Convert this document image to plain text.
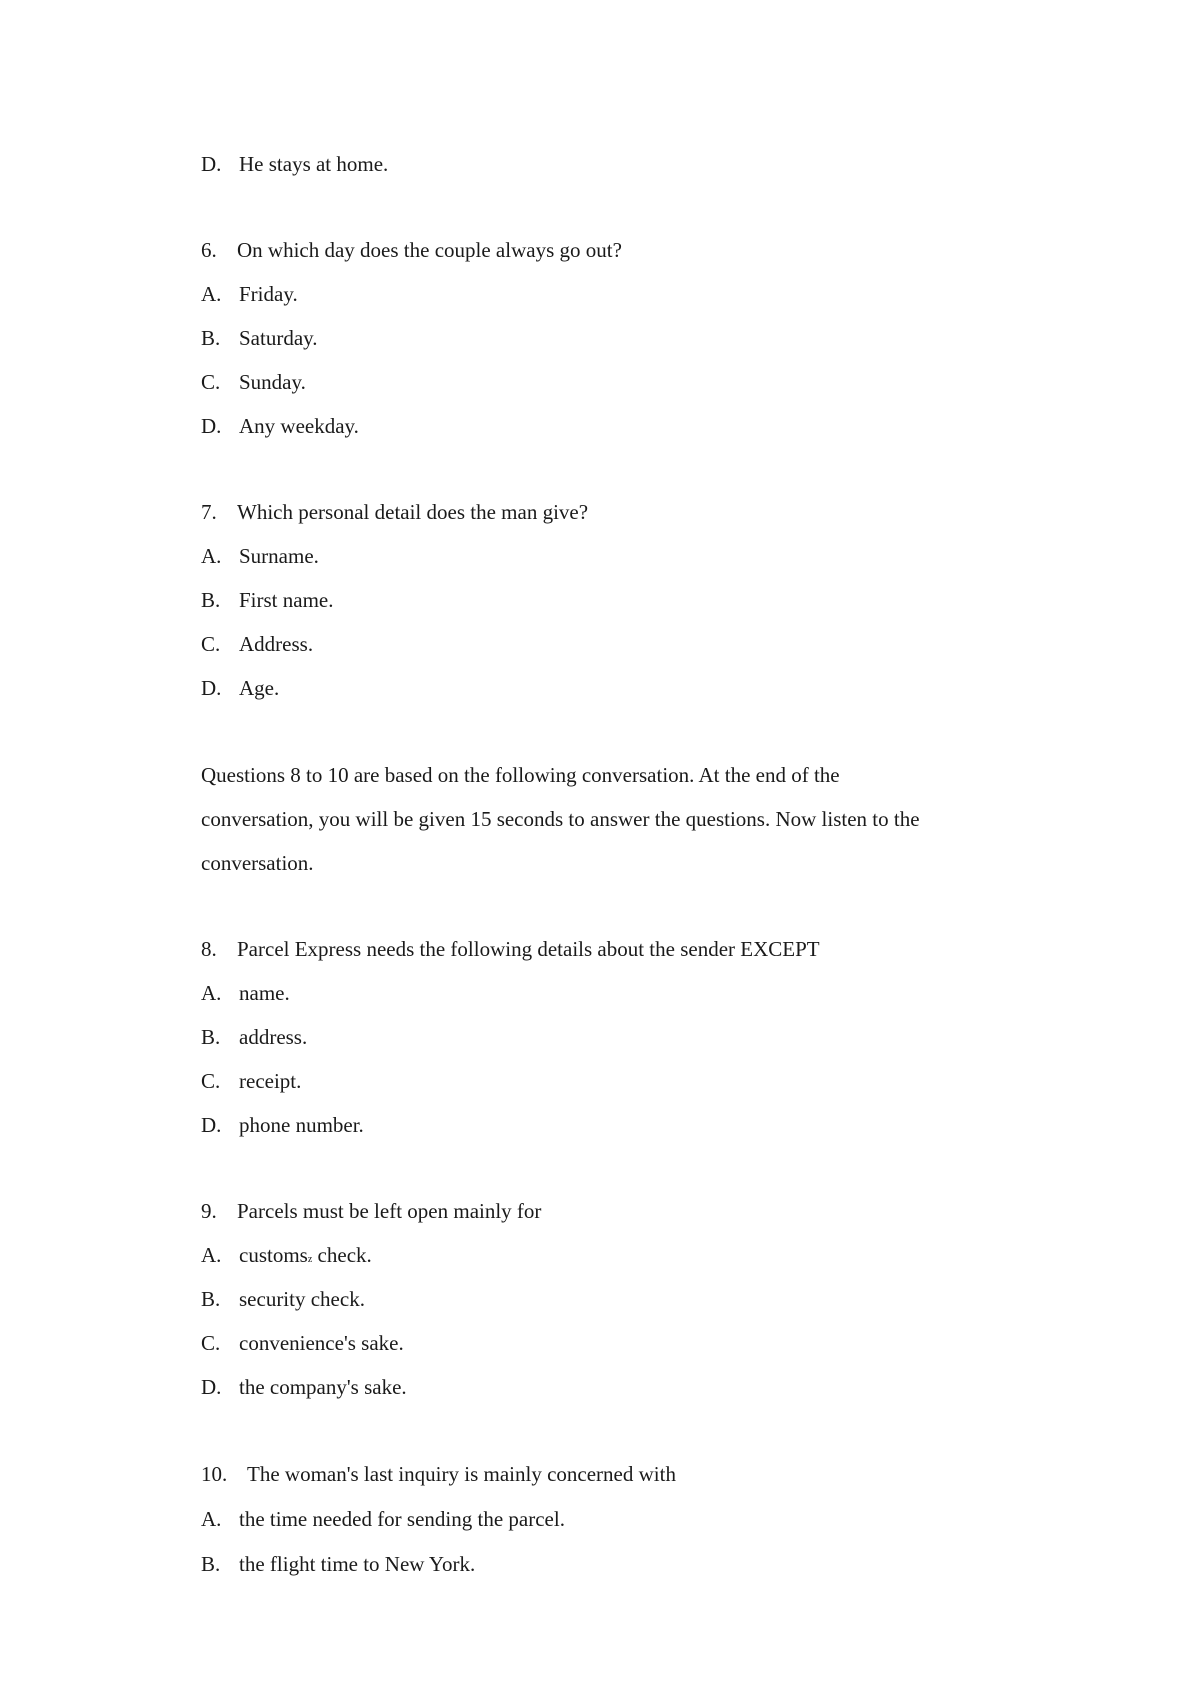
D. He stays at home.
6. On which day does the couple always go out?
A. Friday.
B. Saturday.
C. Sunday.
D. Any weekday.
7. Which personal detail does the man give?
A. Surname.
B. First name.
C. Address.
D. Age.
Questions 8 to 10 are based on the following conversation. At the end of the
conversation, you will be given 15 seconds to answer the questions. Now listen to the
conversation.
8. Parcel Express needs the following details about the sender EXCEPT
A. name.
B. address.
C. receipt.
D. phone number.
9. Parcels must be left open mainly for
A. customsz check.
B. security check.
C. convenience's sake.
D. the company's sake.
10. The woman's last inquiry is mainly concerned with
A. the time needed for sending the parcel.
B. the flight time to New York.
